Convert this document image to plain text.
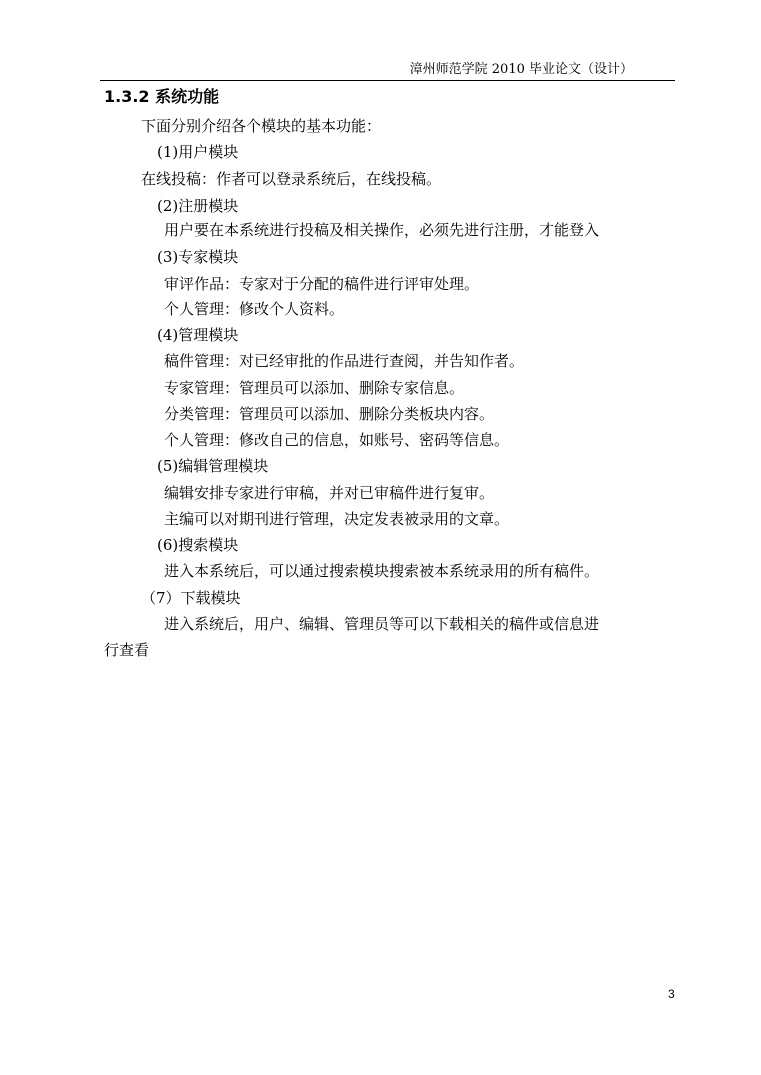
漳州师范学院 2010 毕业论文（设计）
1.3.2 系统功能
下面分别介绍各个模块的基本功能：
(1)用户模块
在线投稿：作者可以登录系统后，在线投稿。
(2)注册模块
用户要在本系统进行投稿及相关操作，必须先进行注册，才能登入
(3)专家模块
审评作品：专家对于分配的稿件进行评审处理。
个人管理：修改个人资料。
(4)管理模块
稿件管理：对已经审批的作品进行查阅，并告知作者。
专家管理：管理员可以添加、删除专家信息。
分类管理：管理员可以添加、删除分类板块内容。
个人管理：修改自己的信息，如账号、密码等信息。
(5)编辑管理模块
编辑安排专家进行审稿，并对已审稿件进行复审。
主编可以对期刊进行管理，决定发表被录用的文章。
(6)搜索模块
进入本系统后，可以通过搜索模块搜索被本系统录用的所有稿件。
（7）下载模块
进入系统后，用户、编辑、管理员等可以下载相关的稿件或信息进
行查看
3
